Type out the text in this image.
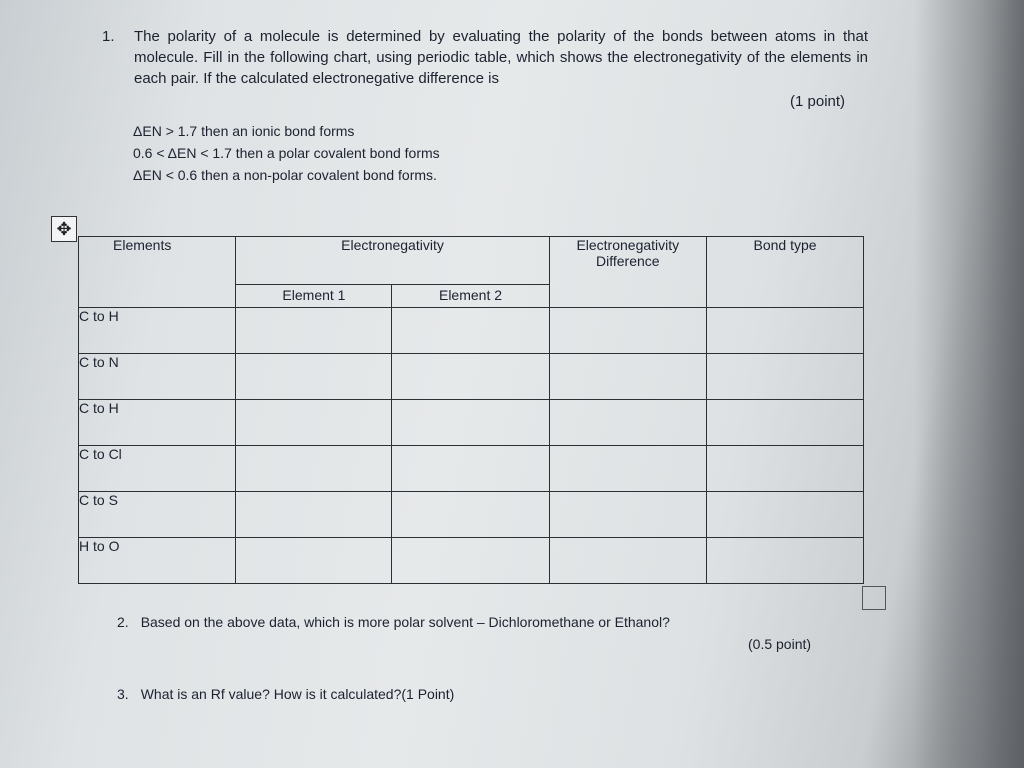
1. The polarity of a molecule is determined by evaluating the polarity of the bonds between atoms in that molecule. Fill in the following chart, using periodic table, which shows the electronegativity of the elements in each pair. If the calculated electronegative difference is
(1 point)
ΔEN > 1.7 then an ionic bond forms
0.6 < ΔEN < 1.7 then a polar covalent bond forms
ΔEN < 0.6 then a non-polar covalent bond forms.
✥
Elements	Electronegativity		Electronegativity Difference	Bond type
	Element 1	Element 2		
C to H				
C to N				
C to H				
C to Cl				
C to S				
H to O				
2. Based on the above data, which is more polar solvent – Dichloromethane or Ethanol?
(0.5 point)
3. What is an Rf value? How is it calculated?(1 Point)
